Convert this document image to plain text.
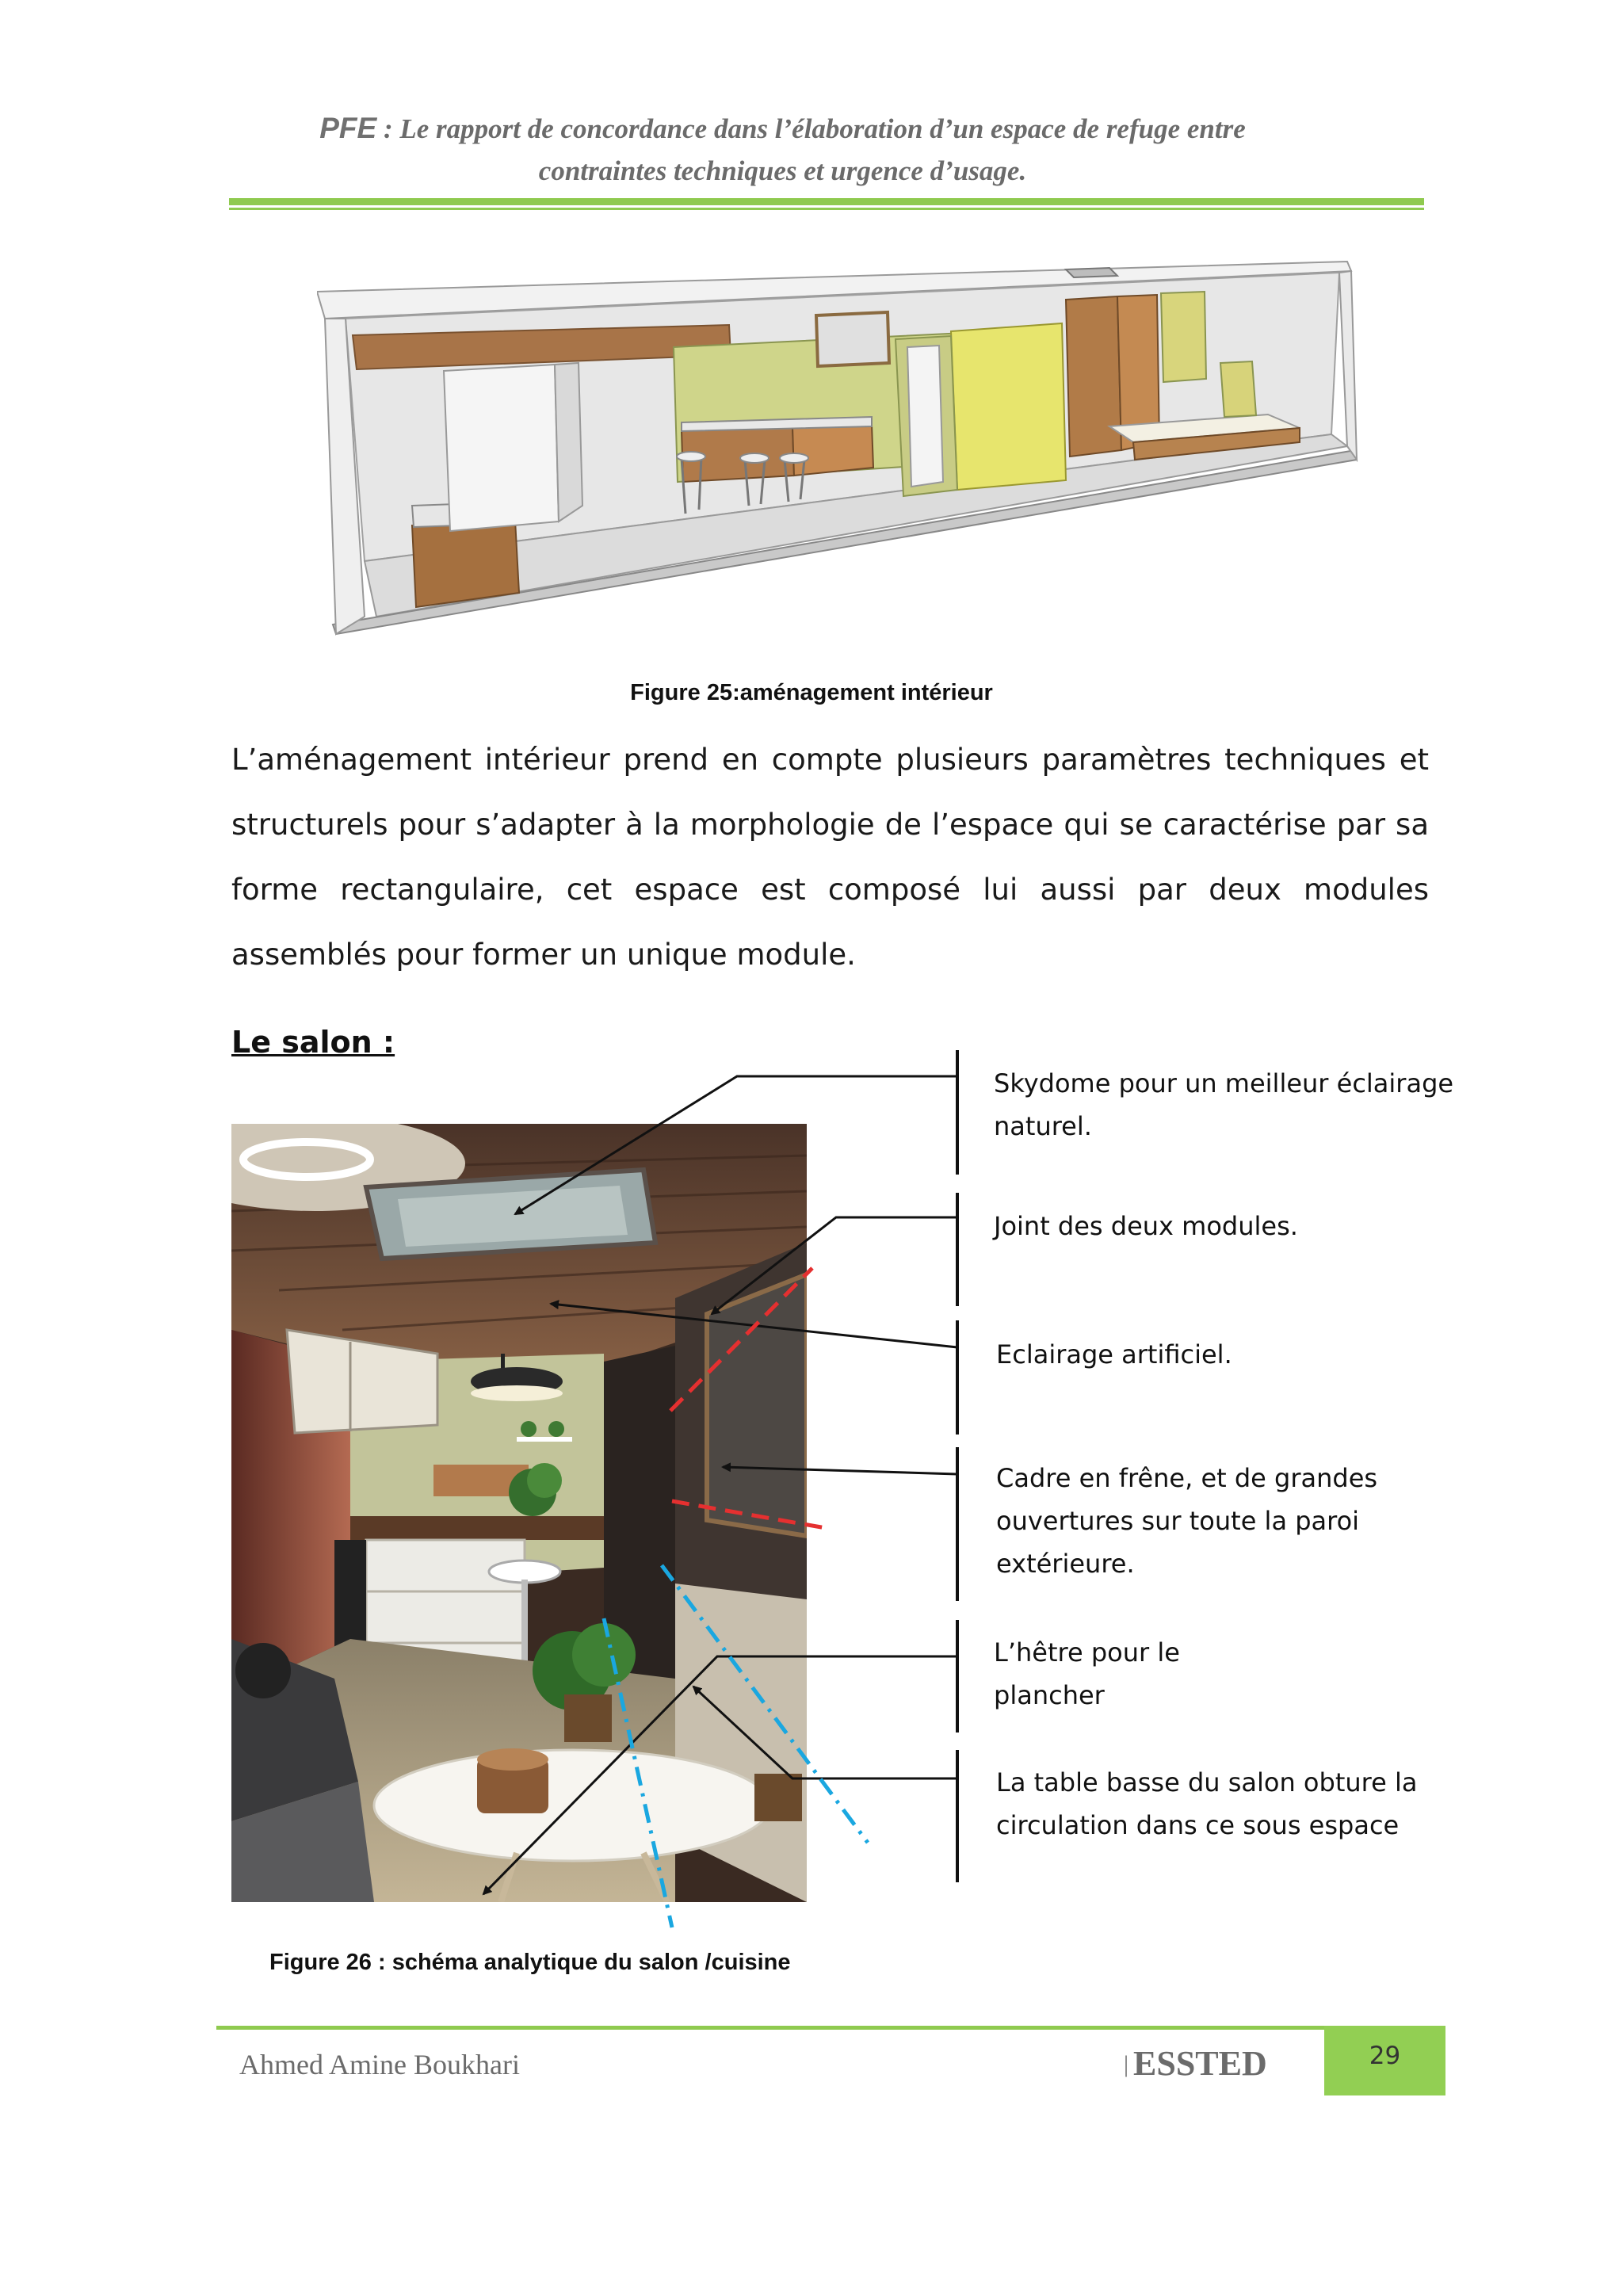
PFE : Le rapport de concordance dans l’élaboration d’un espace de refuge entre
contraintes techniques et urgence d’usage.
Figure 25:aménagement intérieur
L’aménagement intérieur prend en compte plusieurs paramètres techniques et structurels pour s’adapter à la morphologie de l’espace qui se caractérise par sa forme rectangulaire, cet espace est composé lui aussi par deux modules assemblés pour former un unique module.
Le salon :
Skydome pour un meilleur éclairage
naturel.
Joint des deux modules.
Eclairage artificiel.
Cadre en frêne, et de grandes
ouvertures sur toute la paroi
extérieure.
L’hêtre pour le
plancher
La table basse du salon obture la
circulation dans ce sous espace
Figure 26 : schéma analytique du salon /cuisine
Ahmed Amine Boukhari	| ESSTED	29
